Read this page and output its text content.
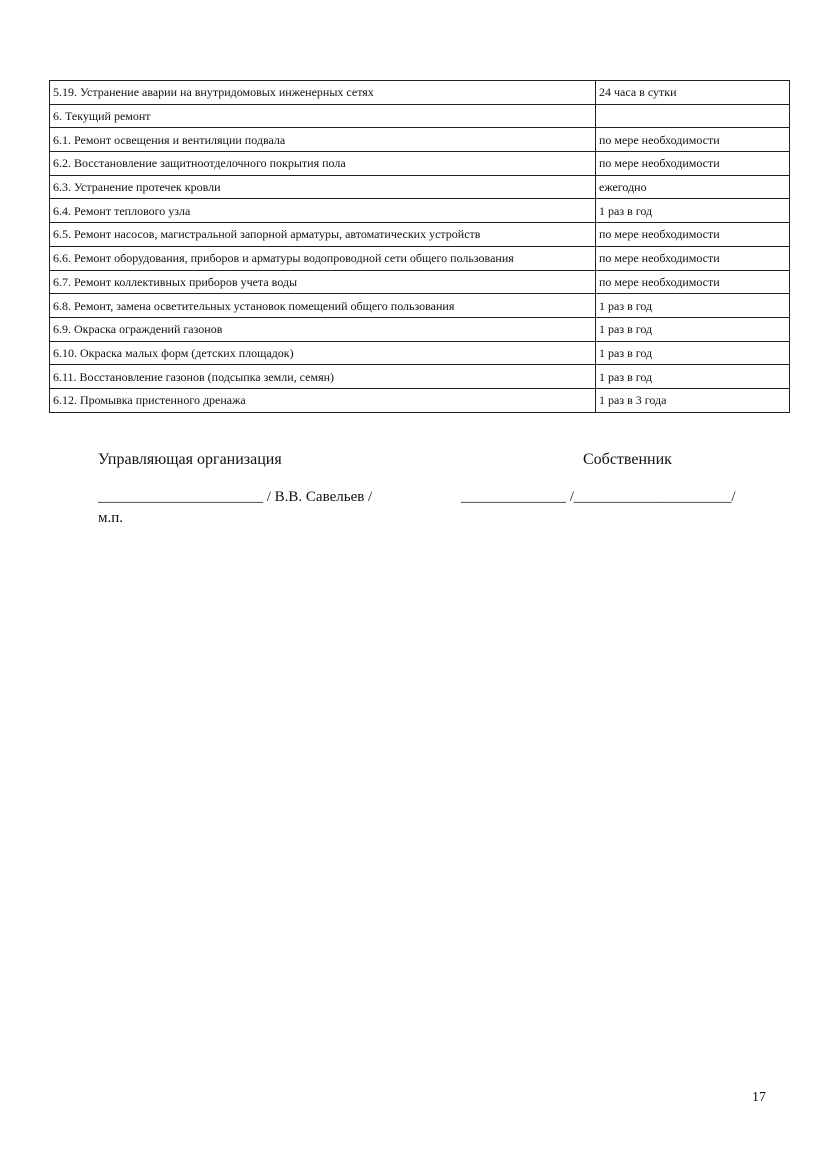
5.19. Устранение аварии на внутридомовых инженерных сетях	24 часа в сутки
6. Текущий ремонт	
6.1. Ремонт освещения и вентиляции подвала	по мере необходимости
6.2. Восстановление защитноотделочного покрытия пола	по мере необходимости
6.3. Устранение протечек кровли	ежегодно
6.4. Ремонт теплового узла	1 раз в год
6.5. Ремонт насосов, магистральной запорной арматуры, автоматических устройств	по мере необходимости
6.6. Ремонт оборудования, приборов и арматуры водопроводной сети общего пользования	по мере необходимости
6.7. Ремонт коллективных приборов учета воды	по мере необходимости
6.8. Ремонт, замена осветительных установок помещений общего пользования	1 раз в год
6.9. Окраска ограждений газонов	1 раз в год
6.10. Окраска малых форм (детских площадок)	1 раз в год
6.11. Восстановление газонов (подсыпка земли, семян)	1 раз в год
6.12. Промывка пристенного дренажа	1 раз в 3 года
Управляющая организация	Собственник
______________________ / В.В. Савельев /	______________ /_____________________/
м.п.
17
